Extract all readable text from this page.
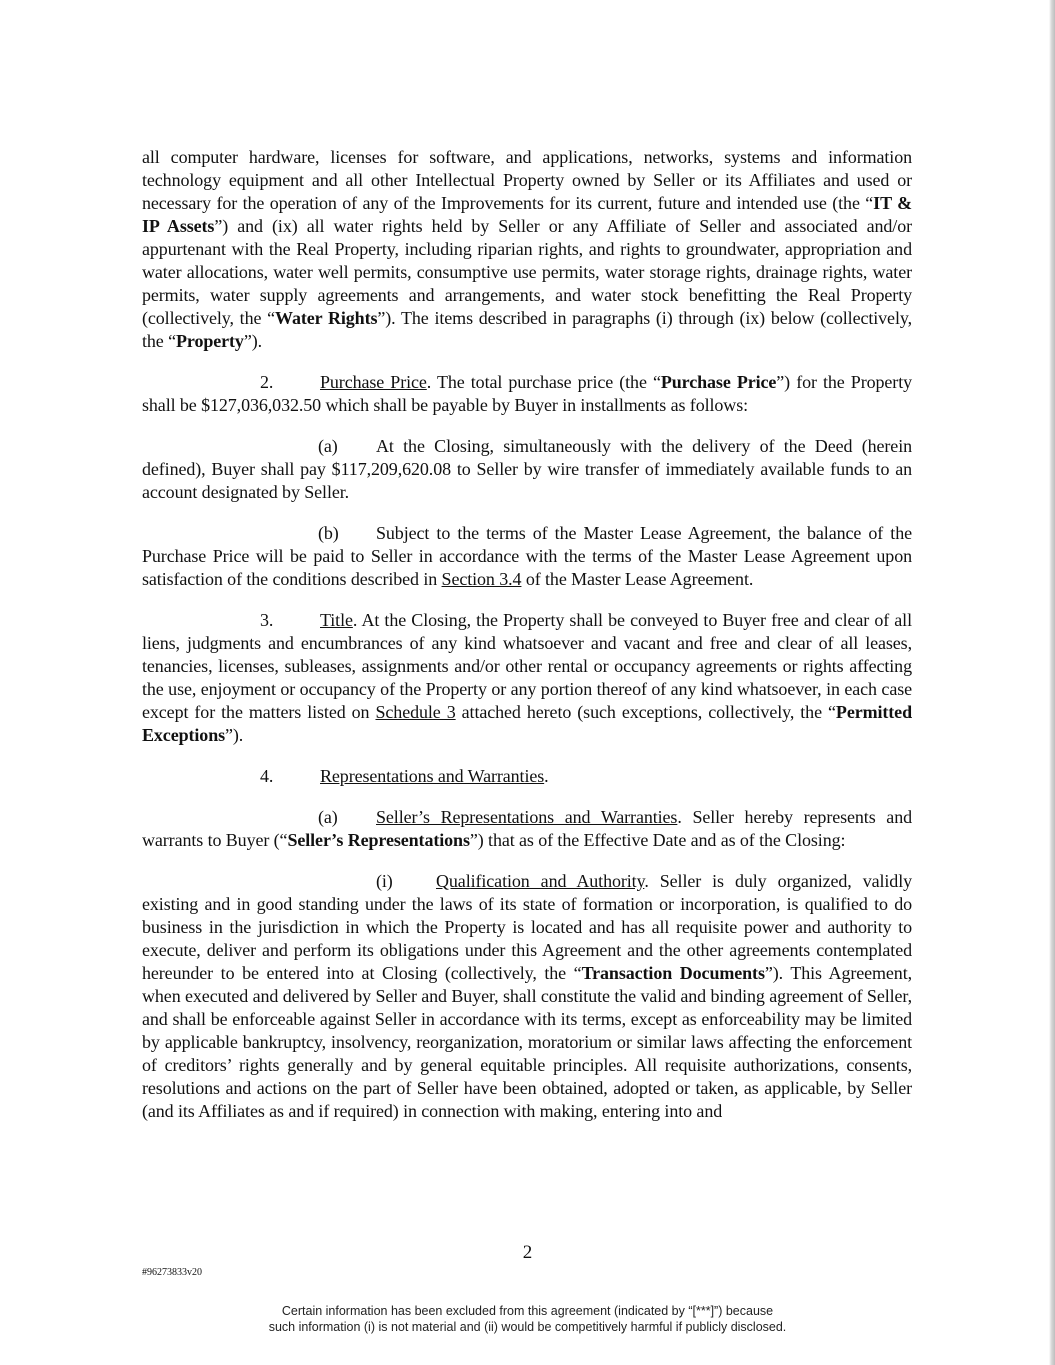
all computer hardware, licenses for software, and applications, networks, systems and information technology equipment and all other Intellectual Property owned by Seller or its Affiliates and used or necessary for the operation of any of the Improvements for its current, future and intended use (the “IT & IP Assets”) and (ix) all water rights held by Seller or any Affiliate of Seller and associated and/or appurtenant with the Real Property, including riparian rights, and rights to groundwater, appropriation and water allocations, water well permits, consumptive use permits, water storage rights, drainage rights, water permits, water supply agreements and arrangements, and water stock benefitting the Real Property (collectively, the “Water Rights”). The items described in paragraphs (i) through (ix) below (collectively, the “Property”).

2.	Purchase Price. The total purchase price (the “Purchase Price”) for the Property shall be $127,036,032.50 which shall be payable by Buyer in installments as follows:

(a) At the Closing, simultaneously with the delivery of the Deed (herein defined), Buyer shall pay $117,209,620.08 to Seller by wire transfer of immediately available funds to an account designated by Seller.

(b) Subject to the terms of the Master Lease Agreement, the balance of the Purchase Price will be paid to Seller in accordance with the terms of the Master Lease Agreement upon satisfaction of the conditions described in Section 3.4 of the Master Lease Agreement.

3.	Title. At the Closing, the Property shall be conveyed to Buyer free and clear of all liens, judgments and encumbrances of any kind whatsoever and vacant and free and clear of all leases, tenancies, licenses, subleases, assignments and/or other rental or occupancy agreements or rights affecting the use, enjoyment or occupancy of the Property or any portion thereof of any kind whatsoever, in each case except for the matters listed on Schedule 3 attached hereto (such exceptions, collectively, the “Permitted Exceptions”).

4.	Representations and Warranties.

(a) Seller’s Representations and Warranties. Seller hereby represents and warrants to Buyer (“Seller’s Representations”) that as of the Effective Date and as of the Closing:

(i) Qualification and Authority. Seller is duly organized, validly existing and in good standing under the laws of its state of formation or incorporation, is qualified to do business in the jurisdiction in which the Property is located and has all requisite power and authority to execute, deliver and perform its obligations under this Agreement and the other agreements contemplated hereunder to be entered into at Closing (collectively, the “Transaction Documents”). This Agreement, when executed and delivered by Seller and Buyer, shall constitute the valid and binding agreement of Seller, and shall be enforceable against Seller in accordance with its terms, except as enforceability may be limited by applicable bankruptcy, insolvency, reorganization, moratorium or similar laws affecting the enforcement of creditors’ rights generally and by general equitable principles. All requisite authorizations, consents, resolutions and actions on the part of Seller have been obtained, adopted or taken, as applicable, by Seller (and its Affiliates as and if required) in connection with making, entering into and

2
#96273833v20
Certain information has been excluded from this agreement (indicated by “[***]”) because
such information (i) is not material and (ii) would be competitively harmful if publicly disclosed.
